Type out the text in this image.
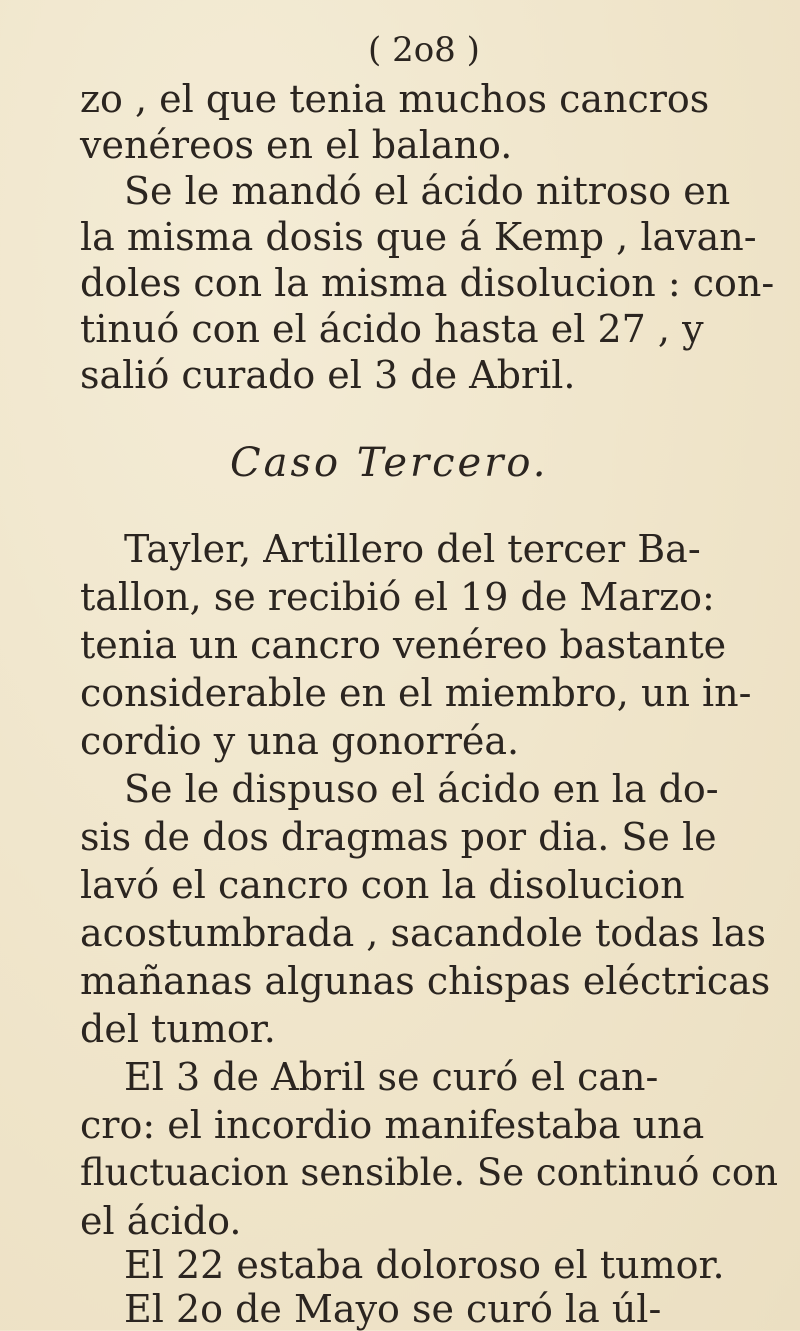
( 2o8 )
zo , el que tenia muchos cancros
venéreos en el balano.
Se le mandó el ácido nitroso en
la misma dosis que á Kemp , lavan-
doles con la misma disolucion : con-
tinuó con el ácido hasta el 27 , y
salió curado el 3 de Abril.
Caso Tercero.
Tayler, Artillero del tercer Ba-
tallon, se recibió el 19 de Marzo:
tenia un cancro venéreo bastante
considerable en el miembro, un in-
cordio y una gonorréa.
Se le dispuso el ácido en la do-
sis de dos dragmas por dia. Se le
lavó el cancro con la disolucion
acostumbrada , sacandole todas las
mañanas algunas chispas eléctricas
del tumor.
El 3 de Abril se curó el can-
cro: el incordio manifestaba una
fluctuacion sensible. Se continuó con
el ácido.
El 22 estaba doloroso el tumor.
El 2o de Mayo se curó la úl-
